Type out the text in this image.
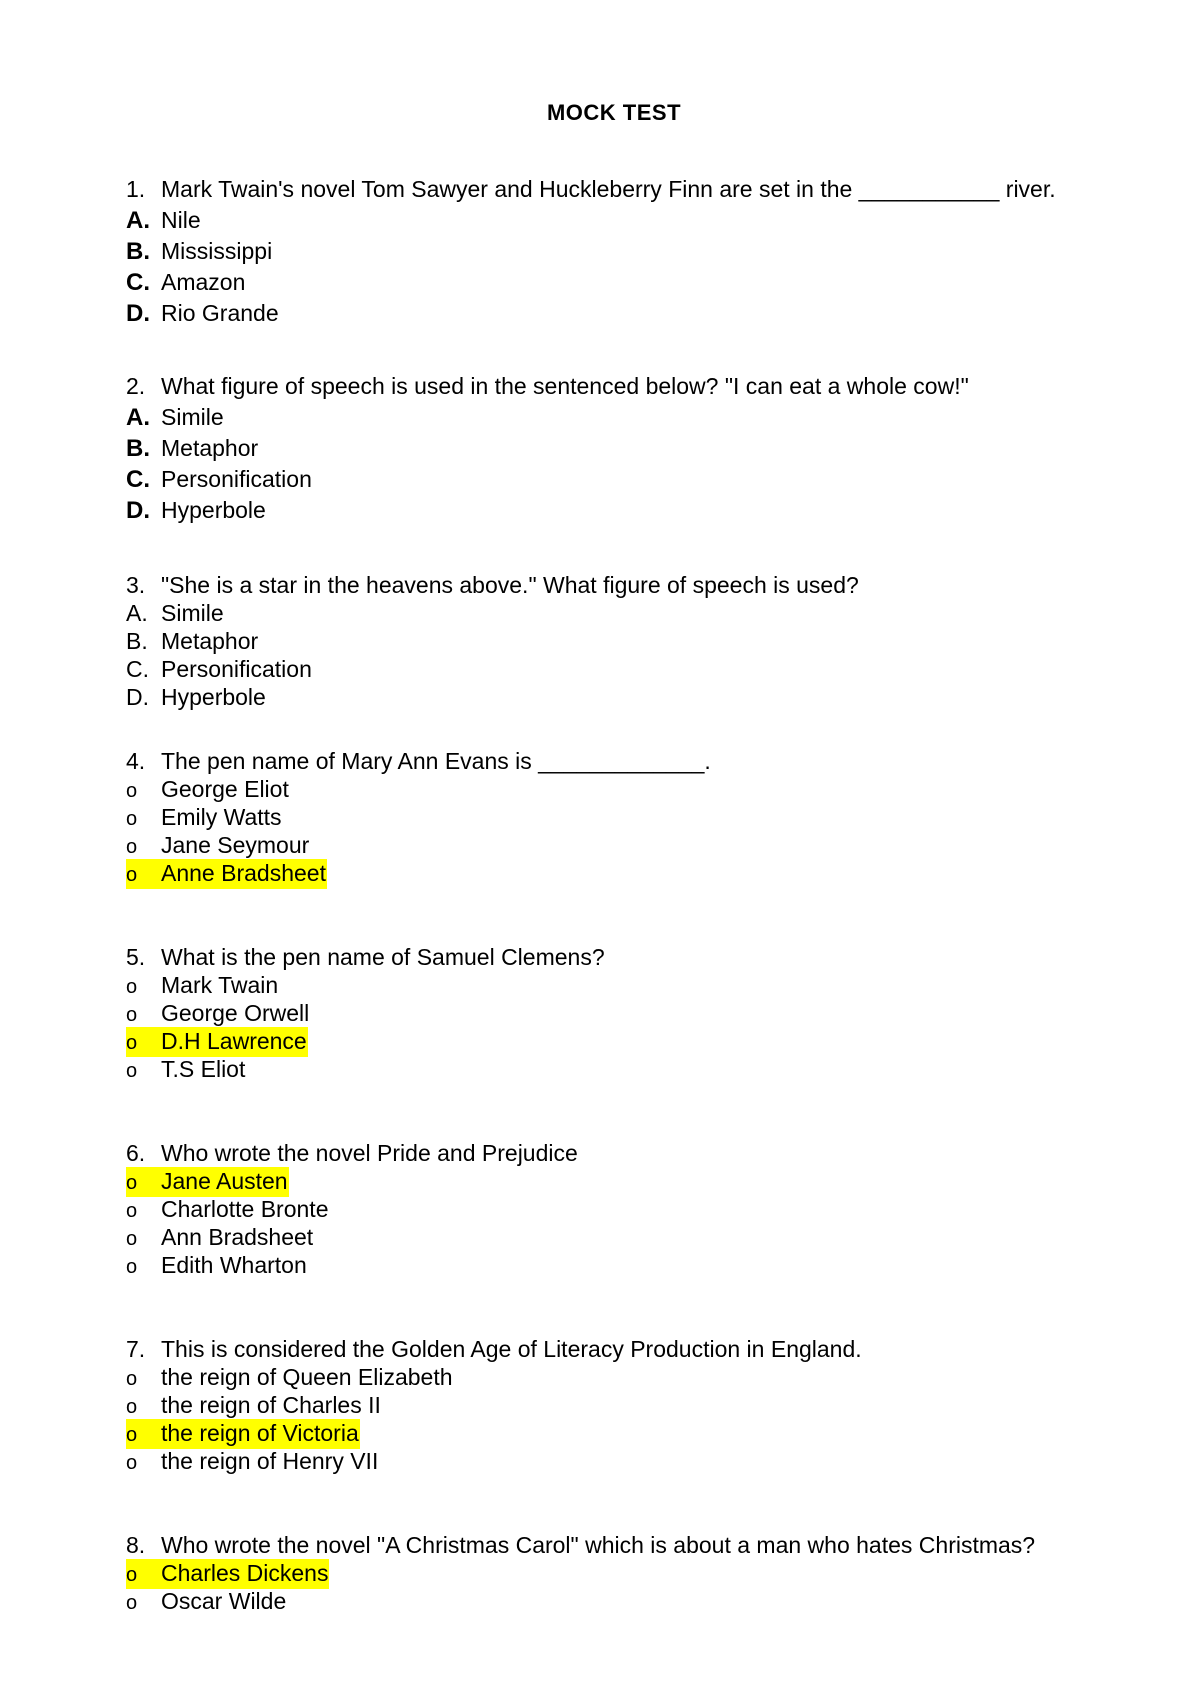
MOCK TEST
1. Mark Twain's novel Tom Sawyer and Huckleberry Finn are set in the ___________ river.
A. Nile
B. Mississippi
C. Amazon
D. Rio Grande
2. What figure of speech is used in the sentenced below? "I can eat a whole cow!"
A. Simile
B. Metaphor
C. Personification
D. Hyperbole
3. "She is a star in the heavens above." What figure of speech is used?
A. Simile
B. Metaphor
C. Personification
D. Hyperbole
4. The pen name of Mary Ann Evans is _____________.
o George Eliot
o Emily Watts
o Jane Seymour
o Anne Bradsheet
5. What is the pen name of Samuel Clemens?
o Mark Twain
o George Orwell
o D.H Lawrence
o T.S Eliot
6. Who wrote the novel Pride and Prejudice
o Jane Austen
o Charlotte Bronte
o Ann Bradsheet
o Edith Wharton
7. This is considered the Golden Age of Literacy Production in England.
o the reign of Queen Elizabeth
o the reign of Charles II
o the reign of Victoria
o the reign of Henry VII
8. Who wrote the novel "A Christmas Carol" which is about a man who hates Christmas?
o Charles Dickens
o Oscar Wilde
